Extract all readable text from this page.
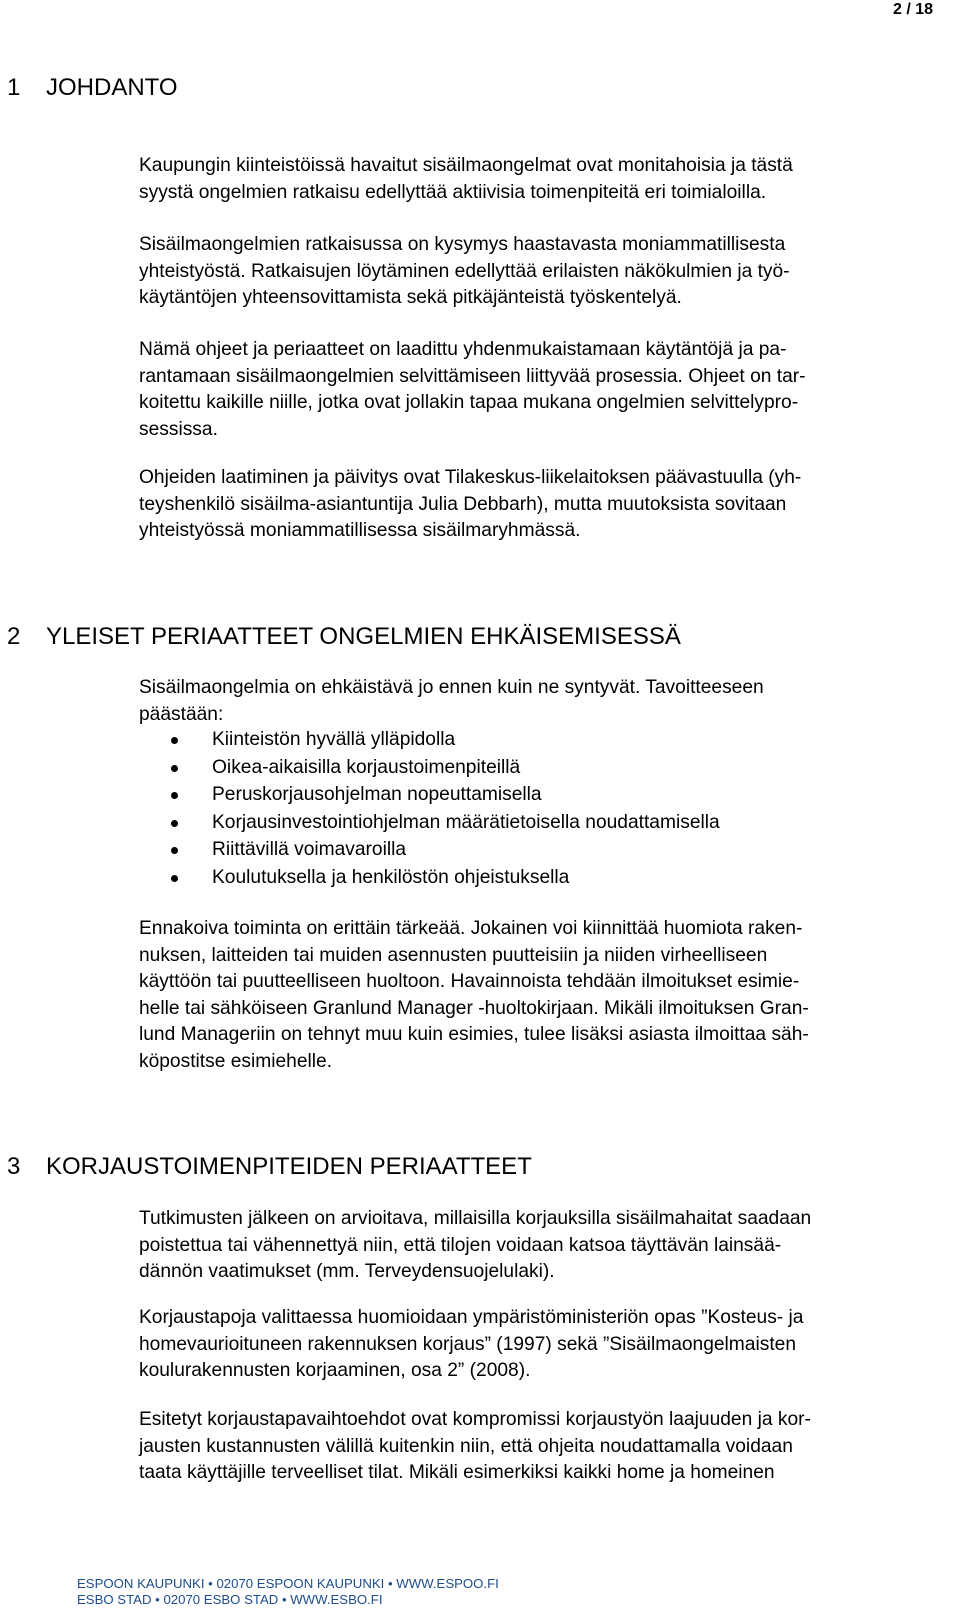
2 / 18
1 JOHDANTO

Kaupungin kiinteistöissä havaitut sisäilmaongelmat ovat monitahoisia ja tästä
syystä ongelmien ratkaisu edellyttää aktiivisia toimenpiteitä eri toimialoilla.

Sisäilmaongelmien ratkaisussa on kysymys haastavasta moniammatillisesta
yhteistyöstä. Ratkaisujen löytäminen edellyttää erilaisten näkökulmien ja työ-
käytäntöjen yhteensovittamista sekä pitkäjänteistä työskentelyä.

Nämä ohjeet ja periaatteet on laadittu yhdenmukaistamaan käytäntöjä ja pa-
rantamaan sisäilmaongelmien selvittämiseen liittyvää prosessia. Ohjeet on tar-
koitettu kaikille niille, jotka ovat jollakin tapaa mukana ongelmien selvittelypro-
sessissa.

Ohjeiden laatiminen ja päivitys ovat Tilakeskus-liikelaitoksen päävastuulla (yh-
teyshenkilö sisäilma-asiantuntija Julia Debbarh), mutta muutoksista sovitaan
yhteistyössä moniammatillisessa sisäilmaryhmässä.

2 YLEISET PERIAATTEET ONGELMIEN EHKÄISEMISESSÄ

Sisäilmaongelmia on ehkäistävä jo ennen kuin ne syntyvät. Tavoitteeseen
päästään:

Kiinteistön hyvällä ylläpidolla
Oikea-aikaisilla korjaustoimenpiteillä
Peruskorjausohjelman nopeuttamisella
Korjausinvestointiohjelman määrätietoisella noudattamisella
Riittävillä voimavaroilla
Koulutuksella ja henkilöstön ohjeistuksella

Ennakoiva toiminta on erittäin tärkeää. Jokainen voi kiinnittää huomiota raken-
nuksen, laitteiden tai muiden asennusten puutteisiin ja niiden virheelliseen
käyttöön tai puutteelliseen huoltoon. Havainnoista tehdään ilmoitukset esimie-
helle tai sähköiseen Granlund Manager -huoltokirjaan. Mikäli ilmoituksen Gran-
lund Manageriin on tehnyt muu kuin esimies, tulee lisäksi asiasta ilmoittaa säh-
köpostitse esimiehelle.

3 KORJAUSTOIMENPITEIDEN PERIAATTEET

Tutkimusten jälkeen on arvioitava, millaisilla korjauksilla sisäilmahaitat saadaan
poistettua tai vähennettyä niin, että tilojen voidaan katsoa täyttävän lainsää-
dännön vaatimukset (mm. Terveydensuojelulaki).

Korjaustapoja valittaessa huomioidaan ympäristöministeriön opas ”Kosteus- ja
homevaurioituneen rakennuksen korjaus” (1997) sekä ”Sisäilmaongelmaisten
koulurakennusten korjaaminen, osa 2” (2008).

Esitetyt korjaustapavaihtoehdot ovat kompromissi korjaustyön laajuuden ja kor-
jausten kustannusten välillä kuitenkin niin, että ohjeita noudattamalla voidaan
taata käyttäjille terveelliset tilat. Mikäli esimerkiksi kaikki home ja homeinen

ESPOON KAUPUNKI • 02070 ESPOON KAUPUNKI • WWW.ESPOO.FI
ESBO STAD • 02070 ESBO STAD • WWW.ESBO.FI
